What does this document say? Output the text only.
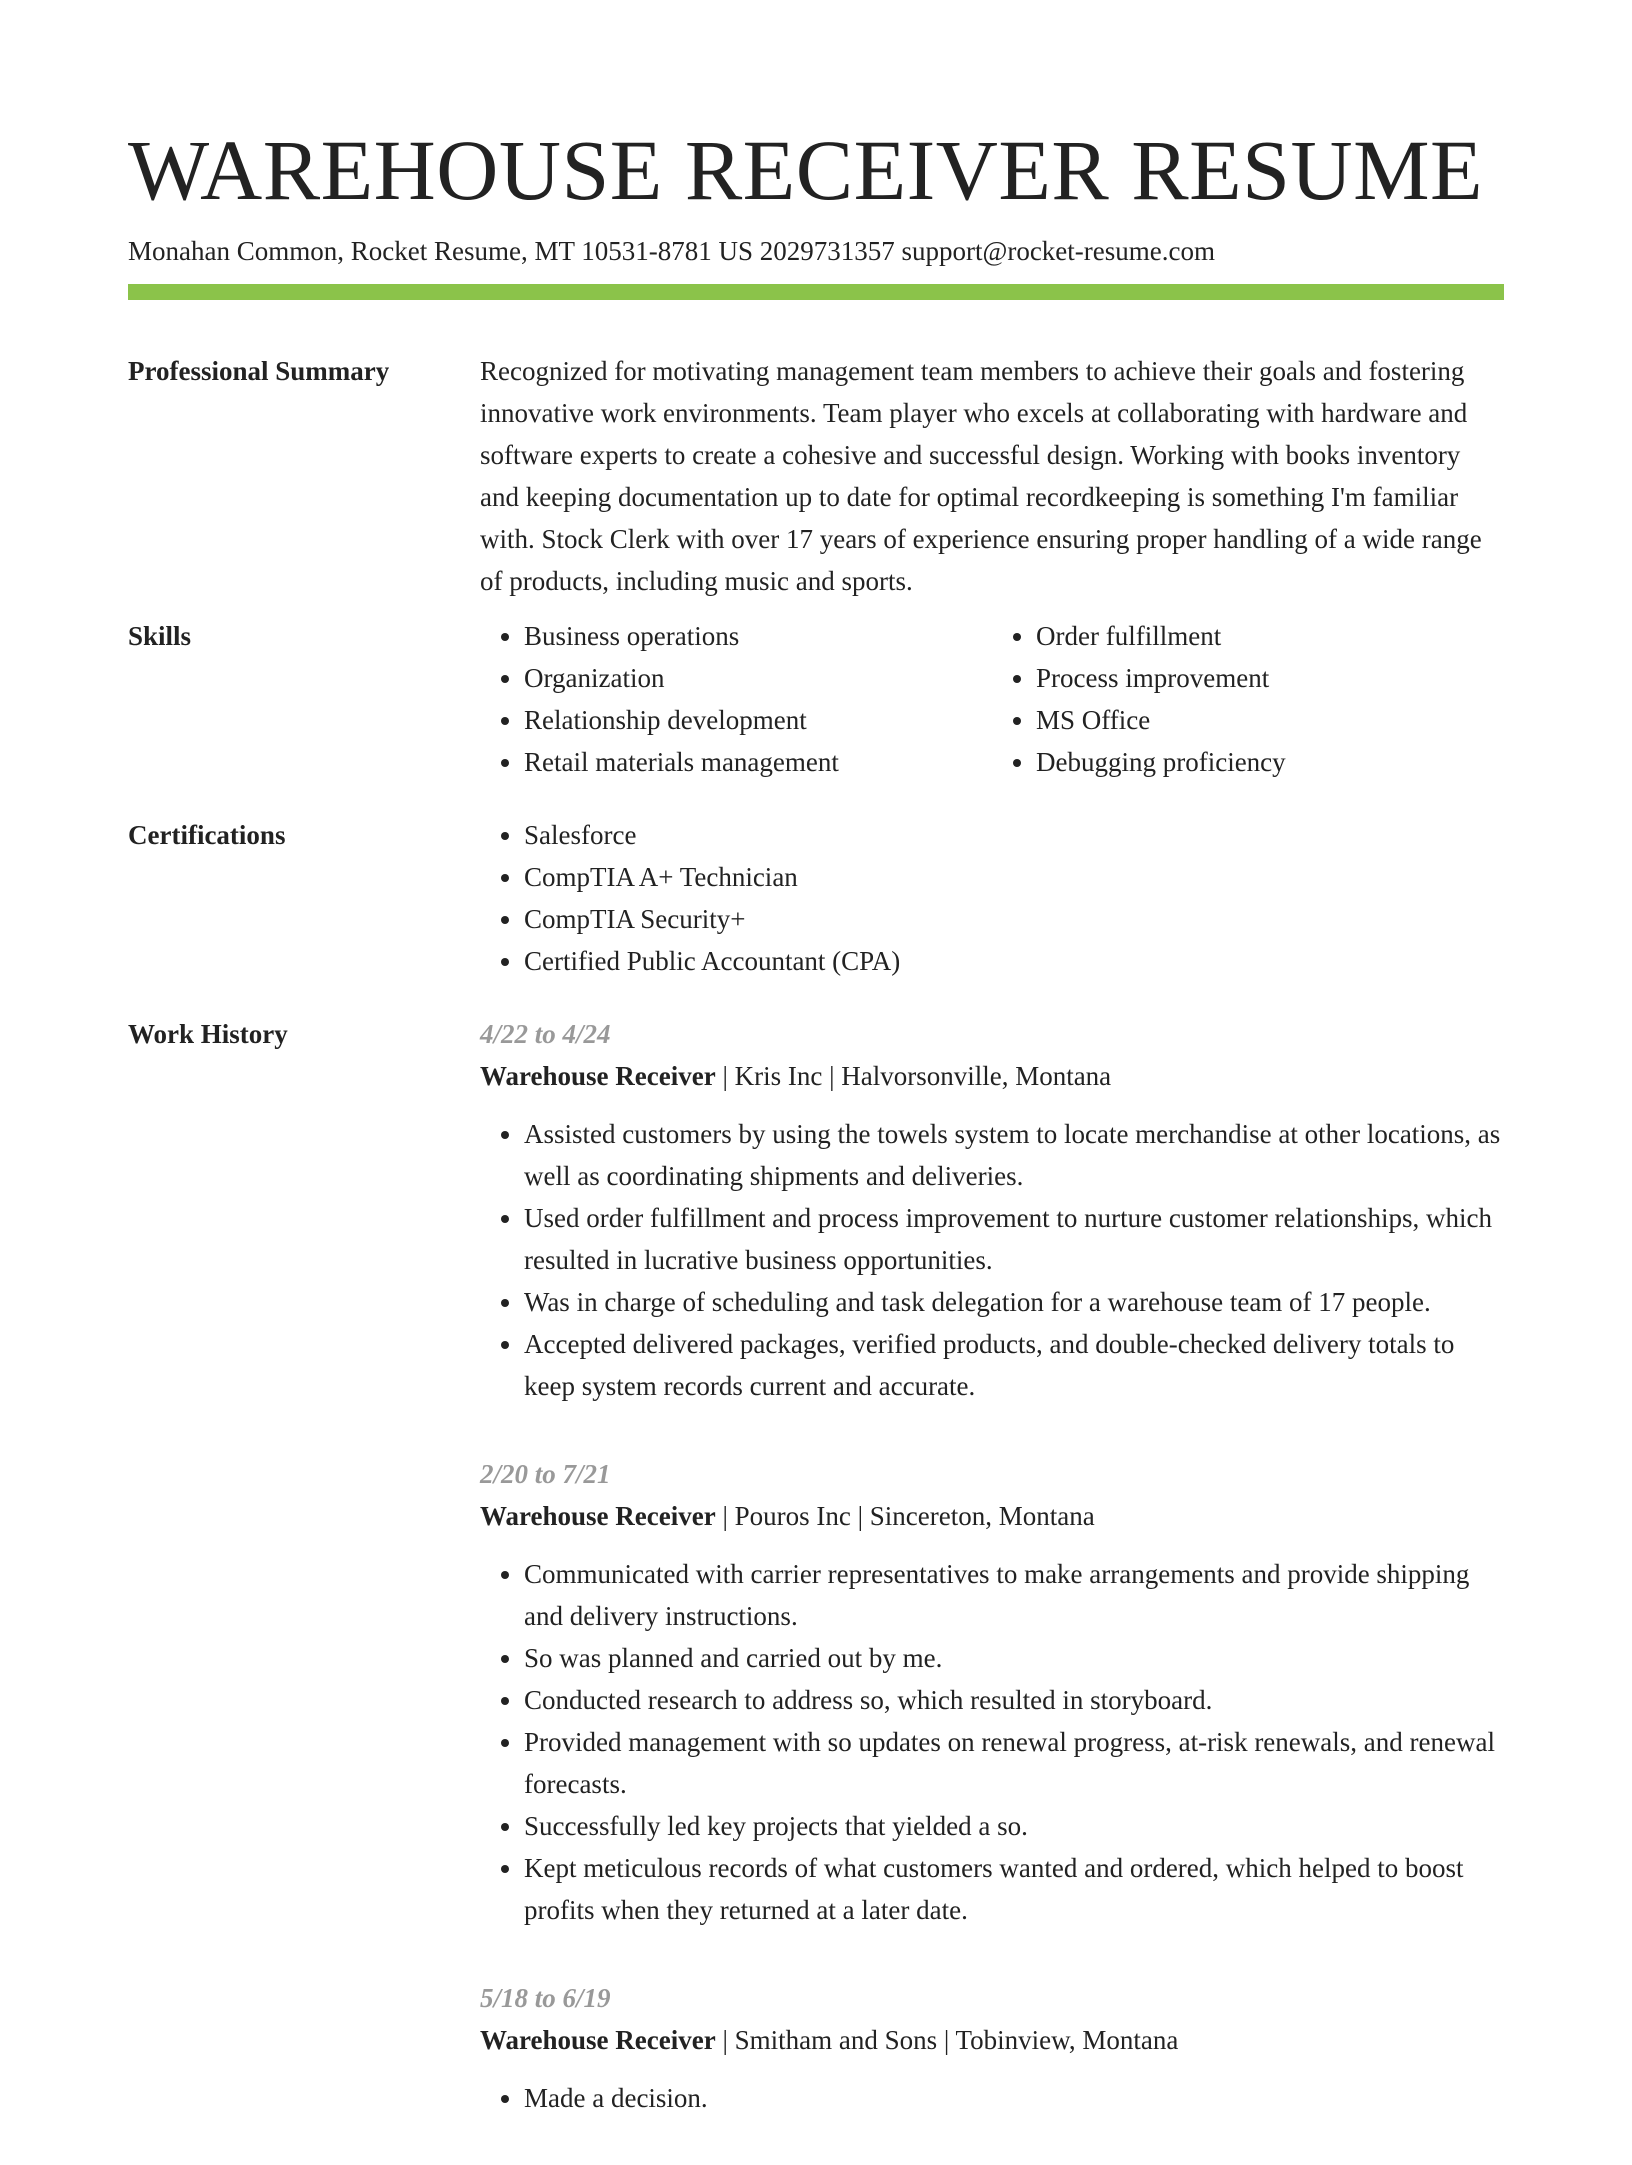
WAREHOUSE RECEIVER RESUME
Monahan Common, Rocket Resume, MT 10531-8781 US 2029731357 support@rocket-resume.com
Professional Summary	Recognized for motivating management team members to achieve their goals and fostering innovative work environments. Team player who excels at collaborating with hardware and software experts to create a cohesive and successful design. Working with books inventory and keeping documentation up to date for optimal recordkeeping is something I'm familiar with. Stock Clerk with over 17 years of experience ensuring proper handling of a wide range of products, including music and sports.

Skills	• Business operations
• Organization
• Relationship development
• Retail materials management
• Order fulfillment
• Process improvement
• MS Office
• Debugging proficiency
Certifications	• Salesforce
• CompTIA A+ Technician
• CompTIA Security+
• Certified Public Accountant (CPA)
Work History	4/22 to 4/24
Warehouse Receiver | Kris Inc | Halvorsonville, Montana
• Assisted customers by using the towels system to locate merchandise at other locations, as well as coordinating shipments and deliveries.
• Used order fulfillment and process improvement to nurture customer relationships, which resulted in lucrative business opportunities.
• Was in charge of scheduling and task delegation for a warehouse team of 17 people.
• Accepted delivered packages, verified products, and double-checked delivery totals to keep system records current and accurate.
2/20 to 7/21
Warehouse Receiver | Pouros Inc | Sincereton, Montana
• Communicated with carrier representatives to make arrangements and provide shipping and delivery instructions.
• So was planned and carried out by me.
• Conducted research to address so, which resulted in storyboard.
• Provided management with so updates on renewal progress, at-risk renewals, and renewal forecasts.
• Successfully led key projects that yielded a so.
• Kept meticulous records of what customers wanted and ordered, which helped to boost profits when they returned at a later date.
5/18 to 6/19
Warehouse Receiver | Smitham and Sons | Tobinview, Montana
• Made a decision.
